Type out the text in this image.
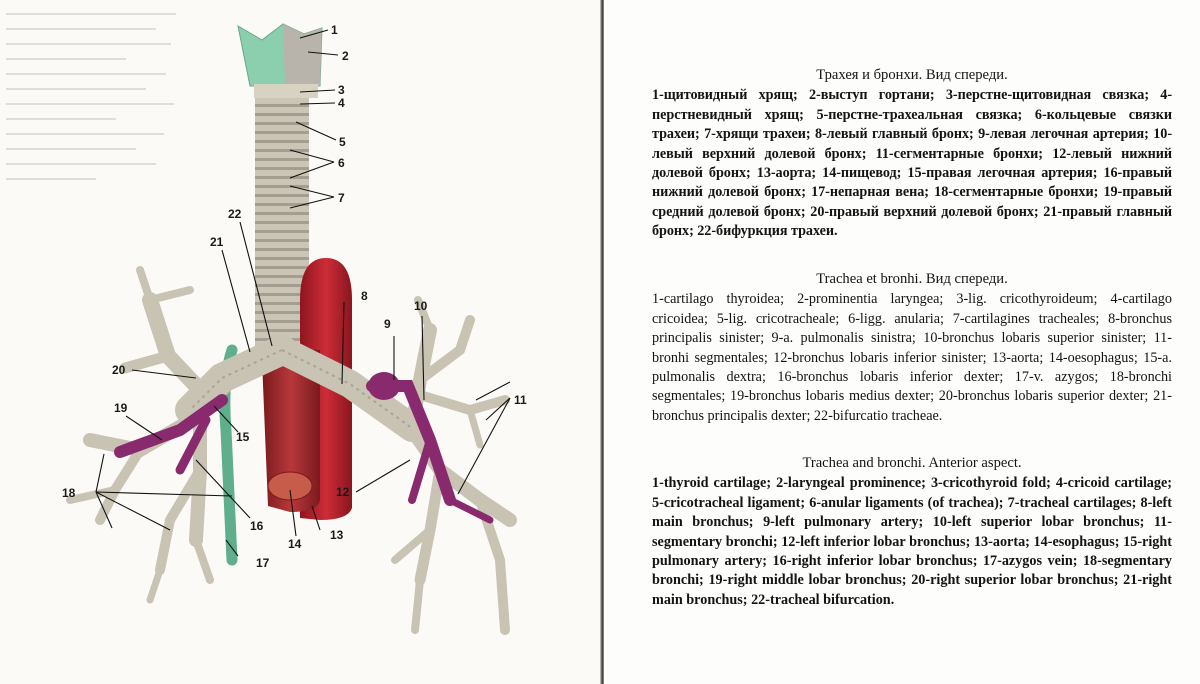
1
2
3
4
5
6
7
8
9
10
11
12
13
14
15
16
17
18
19
20
21
22

Трахея и бронхи. Вид спереди.

1-щитовидный хрящ; 2-выступ гортани; 3-перстне-щитовидная связка; 4-перстневидный хрящ; 5-перстне-трахеальная связка; 6-кольцевые связки трахеи; 7-хрящи трахеи; 8-левый главный бронх; 9-левая легочная артерия; 10-левый верхний долевой бронх; 11-сегментарные бронхи; 12-левый нижний долевой бронх; 13-аорта; 14-пищевод; 15-правая легочная артерия; 16-правый нижний долевой бронх; 17-непарная вена; 18-сегментарные бронхи; 19-правый средний долевой бронх; 20-правый верхний долевой бронх; 21-правый главный бронх; 22-бифуркция трахеи.

Trachea et bronhi. Вид спереди.

1-cartilago thyroidea; 2-prominentia laryngea; 3-lig. cricothyroideum; 4-cartilago cricoidea; 5-lig. cricotracheale; 6-ligg. anularia; 7-cartilagines tracheales; 8-bronchus principalis sinister; 9-a. pulmonalis sinistra; 10-bronchus lobaris superior sinister; 11-bronhi segmentales; 12-bronchus lobaris inferior sinister; 13-aorta; 14-oesophagus; 15-a. pulmonalis dextra; 16-bronchus lobaris inferior dexter; 17-v. azygos; 18-bronchi segmentales; 19-bronchus lobaris medius dexter; 20-bronchus lobaris superior dexter; 21-bronchus principalis dexter; 22-bifurcatio tracheae.

Trachea and bronchi. Anterior aspect.

1-thyroid cartilage; 2-laryngeal prominence; 3-cricothyroid fold; 4-cricoid cartilage; 5-cricotracheal ligament; 6-anular ligaments (of trachea); 7-tracheal cartilages; 8-left main bronchus; 9-left pulmonary artery; 10-left superior lobar bronchus; 11-segmentary bronchi; 12-left inferior lobar bronchus; 13-aorta; 14-esophagus; 15-right pulmonary artery; 16-right inferior lobar bronchus; 17-azygos vein; 18-segmentary bronchi; 19-right middle lobar bronchus; 20-right superior lobar bronchus; 21-right main bronchus; 22-tracheal bifurcation.
